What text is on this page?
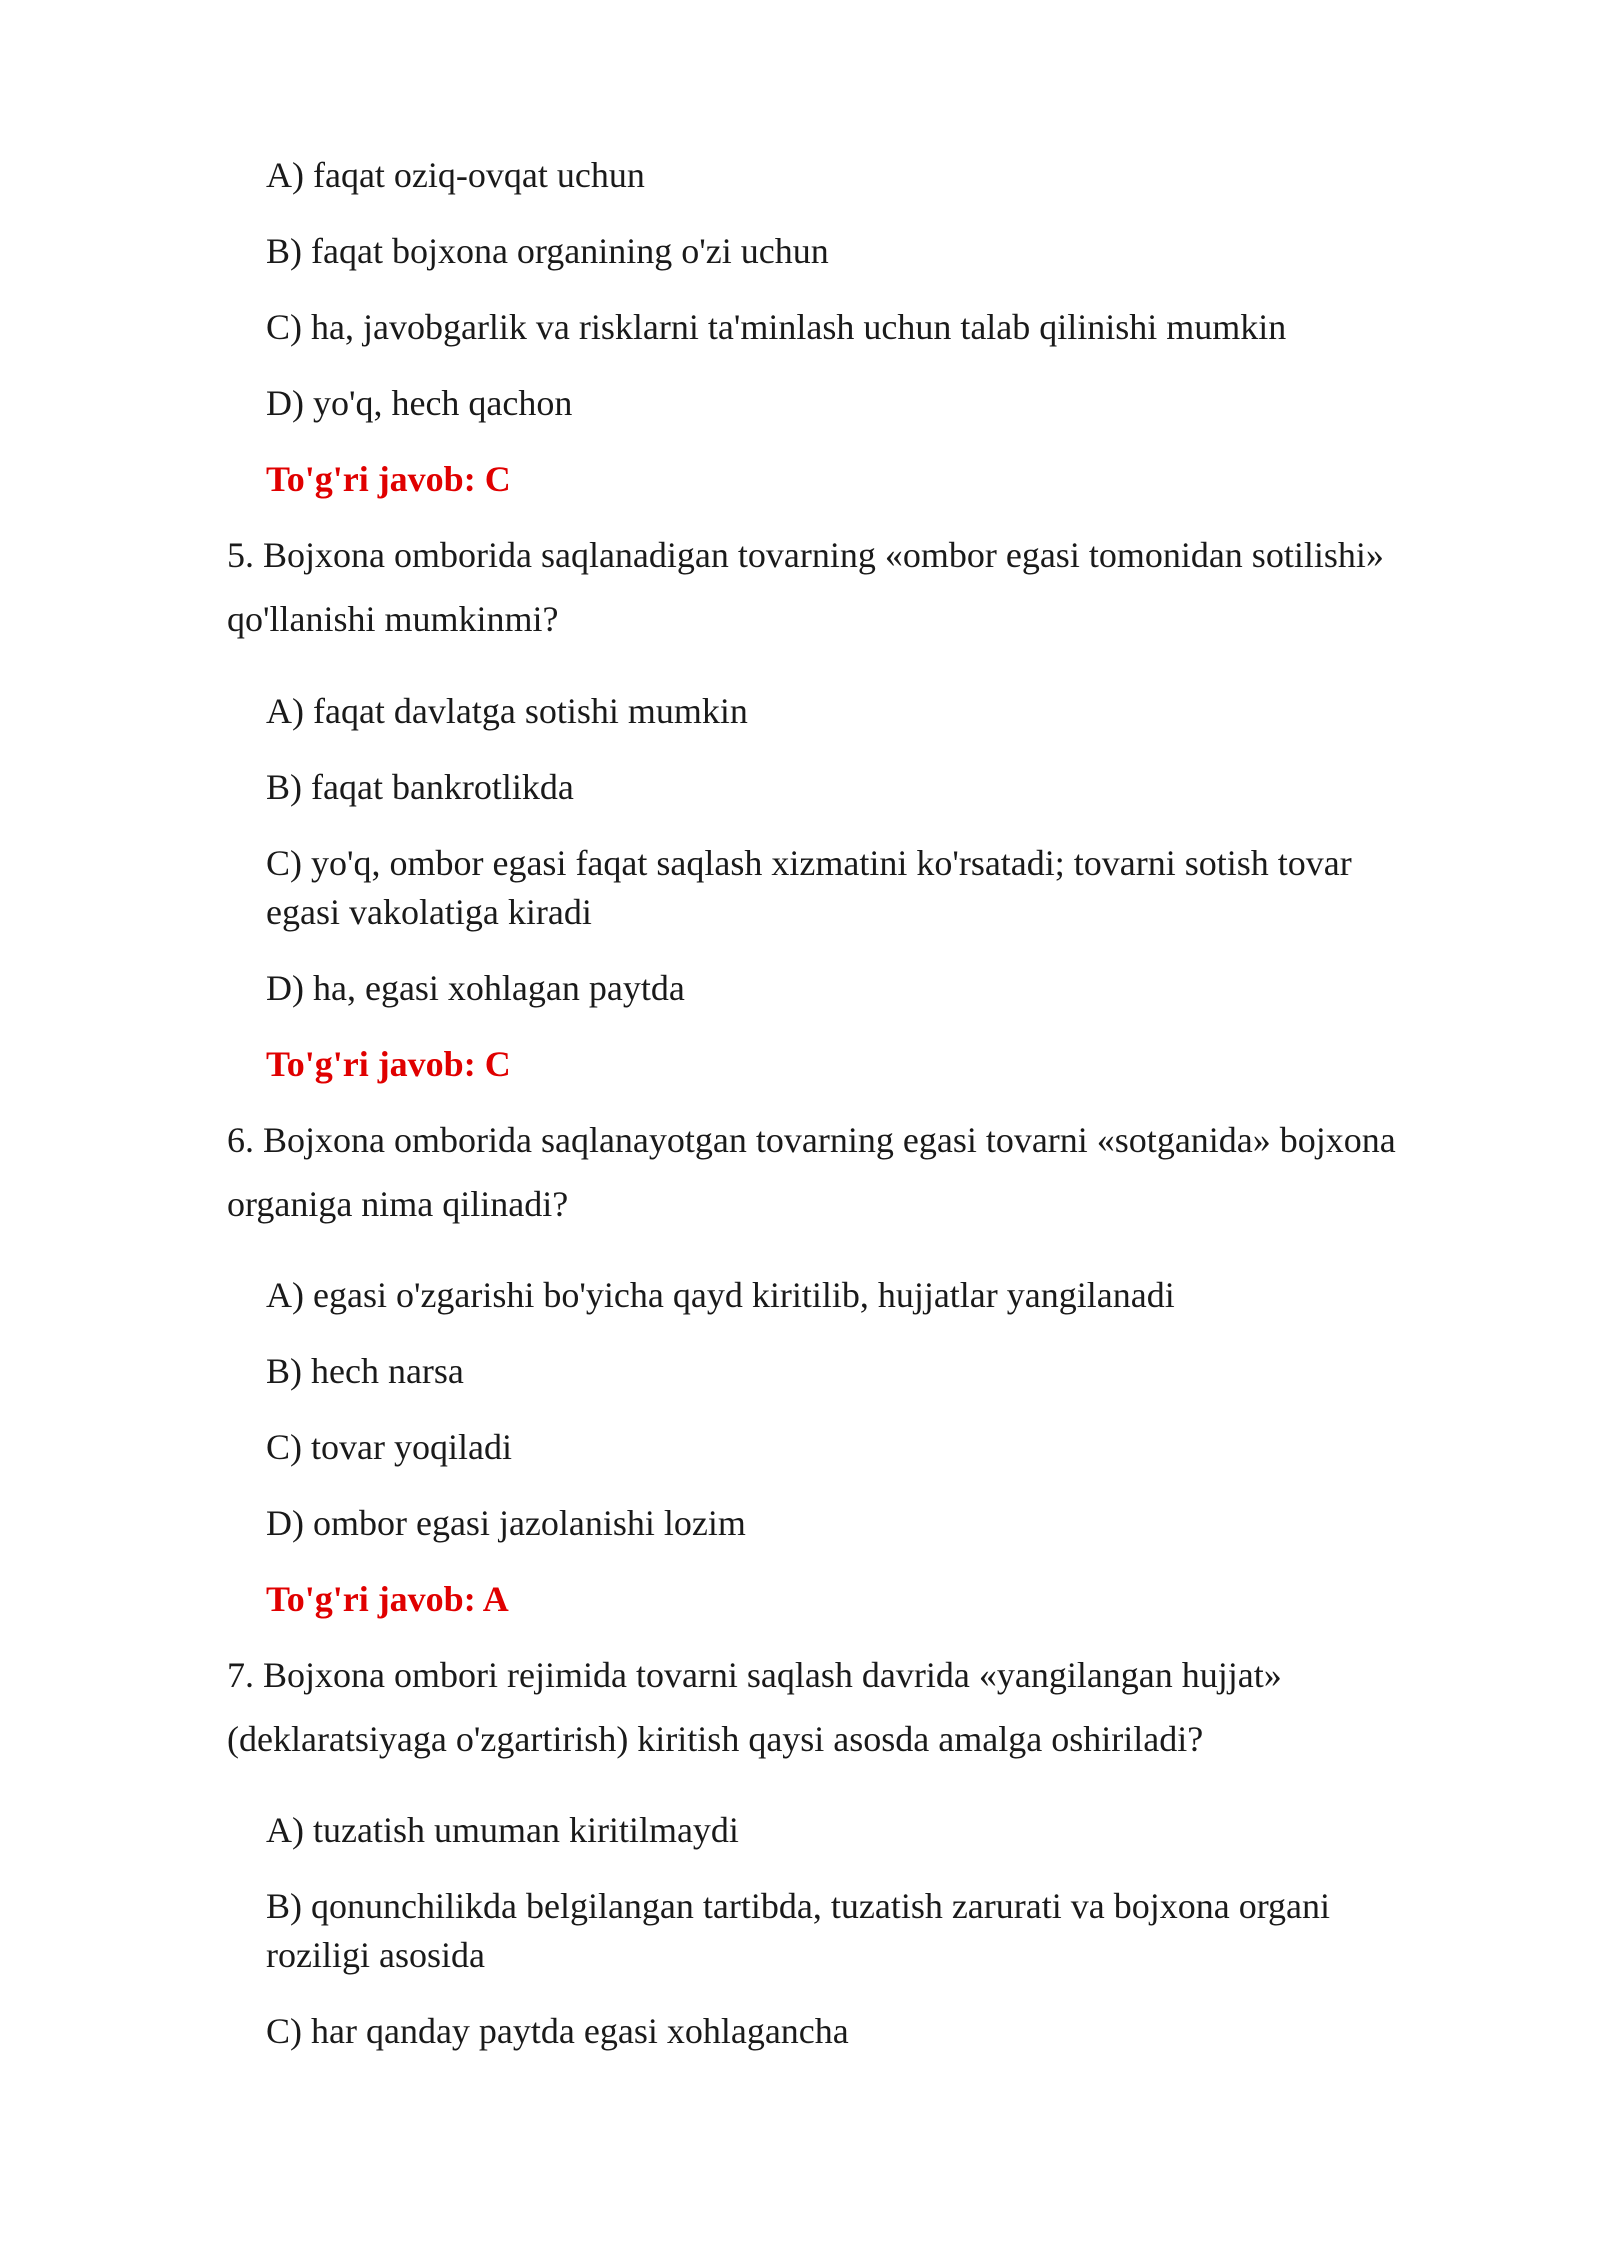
A) faqat oziq-ovqat uchun

B) faqat bojxona organining o'zi uchun

C) ha, javobgarlik va risklarni ta'minlash uchun talab qilinishi mumkin

D) yo'q, hech qachon

To'g'ri javob: C

5. Bojxona omborida saqlanadigan tovarning «ombor egasi tomonidan sotilishi»

qo'llanishi mumkinmi?

A) faqat davlatga sotishi mumkin

B) faqat bankrotlikda

C) yo'q, ombor egasi faqat saqlash xizmatini ko'rsatadi; tovarni sotish tovar

egasi vakolatiga kiradi

D) ha, egasi xohlagan paytda

To'g'ri javob: C

6. Bojxona omborida saqlanayotgan tovarning egasi tovarni «sotganida» bojxona

organiga nima qilinadi?

A) egasi o'zgarishi bo'yicha qayd kiritilib, hujjatlar yangilanadi

B) hech narsa

C) tovar yoqiladi

D) ombor egasi jazolanishi lozim

To'g'ri javob: A

7. Bojxona ombori rejimida tovarni saqlash davrida «yangilangan hujjat»

(deklaratsiyaga o'zgartirish) kiritish qaysi asosda amalga oshiriladi?

A) tuzatish umuman kiritilmaydi

B) qonunchilikda belgilangan tartibda, tuzatish zarurati va bojxona organi

roziligi asosida

C) har qanday paytda egasi xohlagancha
